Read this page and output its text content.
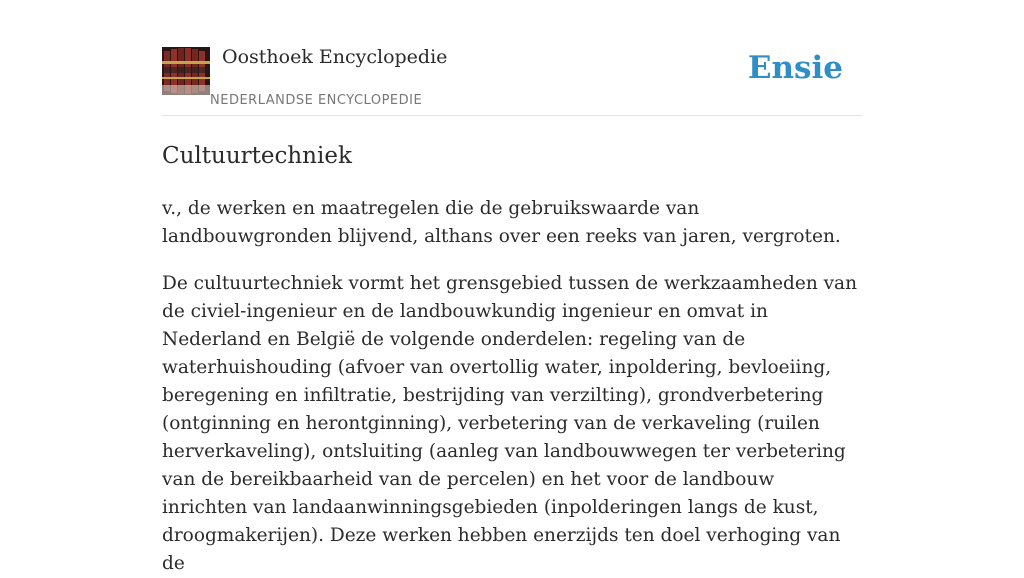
Oosthoek Encyclopedie
NEDERLANDSE ENCYCLOPEDIE
Ensie
Cultuurtechniek

v., de werken en maatregelen die de gebruikswaarde van landbouwgronden blijvend, althans over een reeks van jaren, vergroten.

De cultuurtechniek vormt het grensgebied tussen de werkzaamheden van de civiel-ingenieur en de landbouwkundig ingenieur en omvat in Nederland en België de volgende onderdelen: regeling van de waterhuishouding (afvoer van overtollig water, inpoldering, bevloeiing, beregening en infiltratie, bestrijding van verzilting), grondverbetering (ontginning en herontginning), verbetering van de verkaveling (ruilen herverkaveling), ontsluiting (aanleg van landbouwwegen ter verbetering van de bereikbaarheid van de percelen) en het voor de landbouw inrichten van landaanwinningsgebieden (inpolderingen langs de kust, droogmakerijen). Deze werken hebben enerzijds ten doel verhoging van de
